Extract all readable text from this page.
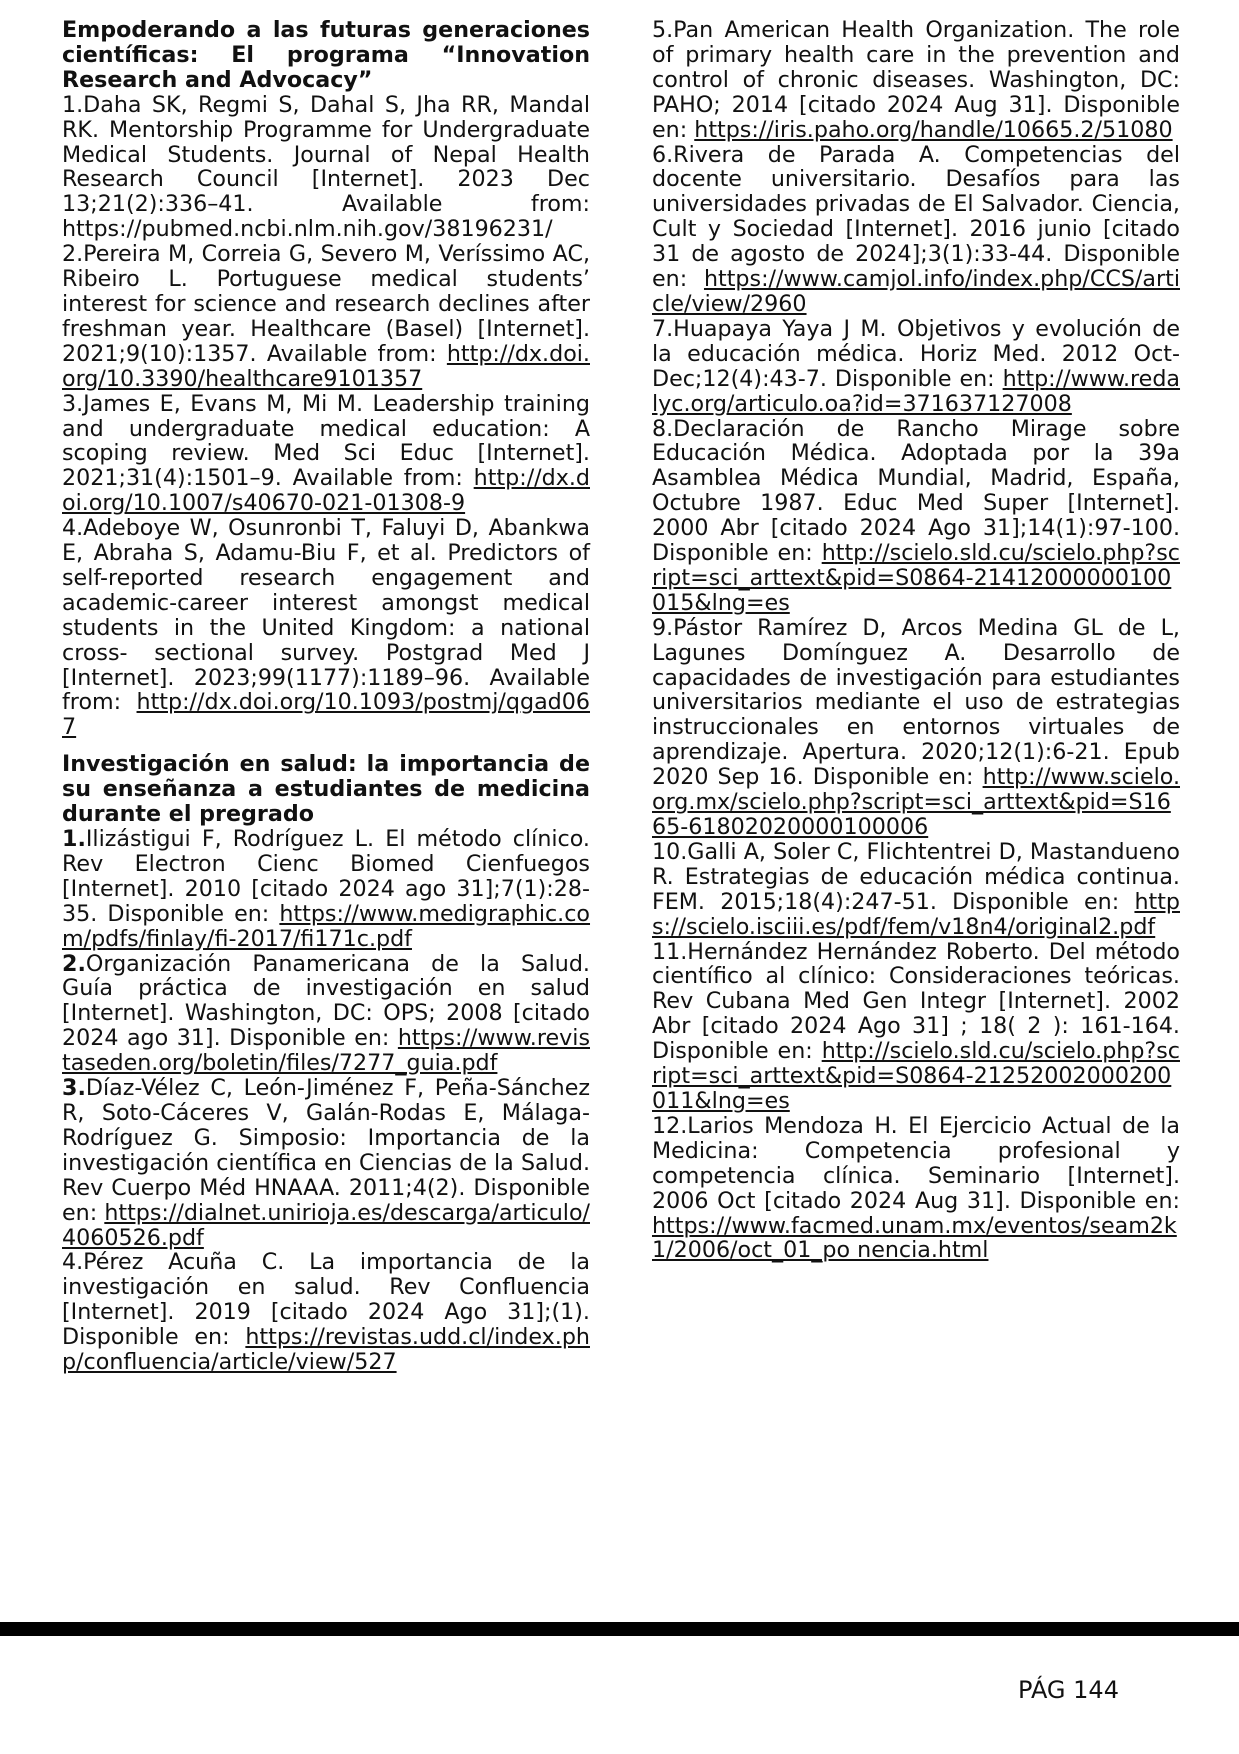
Empoderando a las futuras generaciones científicas: El programa “Innovation Research and Advocacy”
1.Daha SK, Regmi S, Dahal S, Jha RR, Mandal RK. Mentorship Programme for Undergraduate Medical Students. Journal of Nepal Health Research Council [Internet]. 2023 Dec 13;21(2):336–41. Available from: https://pubmed.ncbi.nlm.nih.gov/38196231/
2.Pereira M, Correia G, Severo M, Veríssimo AC, Ribeiro L. Portuguese medical students’ interest for science and research declines after freshman year. Healthcare (Basel) [Internet]. 2021;9(10):1357. Available from: http://dx.doi.org/10.3390/healthcare9101357
3.James E, Evans M, Mi M. Leadership training and undergraduate medical education: A scoping review. Med Sci Educ [Internet]. 2021;31(4):1501–9. Available from: http://dx.doi.org/10.1007/s40670-021-01308-9
4.Adeboye W, Osunronbi T, Faluyi D, Abankwa E, Abraha S, Adamu-Biu F, et al. Predictors of self-reported research engagement and academic-career interest amongst medical students in the United Kingdom: a national cross- sectional survey. Postgrad Med J [Internet]. 2023;99(1177):1189–96. Available from: http://dx.doi.org/10.1093/postmj/qgad067
Investigación en salud: la importancia de su enseñanza a estudiantes de medicina durante el pregrado
1.Ilizástigui F, Rodríguez L. El método clínico. Rev Electron Cienc Biomed Cienfuegos [Internet]. 2010 [citado 2024 ago 31];7(1):28-35. Disponible en: https://www.medigraphic.com/pdfs/finlay/fi-2017/fi171c.pdf
2.Organización Panamericana de la Salud. Guía práctica de investigación en salud [Internet]. Washington, DC: OPS; 2008 [citado 2024 ago 31]. Disponible en: https://www.revistaseden.org/boletin/files/7277_guia.pdf
3.Díaz-Vélez C, León-Jiménez F, Peña-Sánchez R, Soto-Cáceres V, Galán-Rodas E, Málaga-Rodríguez G. Simposio: Importancia de la investigación científica en Ciencias de la Salud. Rev Cuerpo Méd HNAAA. 2011;4(2). Disponible en: https://dialnet.unirioja.es/descarga/articulo/4060526.pdf
4.Pérez Acuña C. La importancia de la investigación en salud. Rev Confluencia [Internet]. 2019 [citado 2024 Ago 31];(1). Disponible en: https://revistas.udd.cl/index.php/confluencia/article/view/527
5.Pan American Health Organization. The role of primary health care in the prevention and control of chronic diseases. Washington, DC: PAHO; 2014 [citado 2024 Aug 31]. Disponible en: https://iris.paho.org/handle/10665.2/51080
6.Rivera de Parada A. Competencias del docente universitario. Desafíos para las universidades privadas de El Salvador. Ciencia, Cult y Sociedad [Internet]. 2016 junio [citado 31 de agosto de 2024];3(1):33-44. Disponible en: https://www.camjol.info/index.php/CCS/article/view/2960
7.Huapaya Yaya J M. Objetivos y evolución de la educación médica. Horiz Med. 2012 Oct-Dec;12(4):43-7. Disponible en: http://www.redalyc.org/articulo.oa?id=371637127008
8.Declaración de Rancho Mirage sobre Educación Médica. Adoptada por la 39a Asamblea Médica Mundial, Madrid, España, Octubre 1987. Educ Med Super [Internet]. 2000 Abr [citado 2024 Ago 31];14(1):97-100. Disponible en: http://scielo.sld.cu/scielo.php?script=sci_arttext&pid=S0864-21412000000100015&lng=es
9.Pástor Ramírez D, Arcos Medina GL de L, Lagunes Domínguez A. Desarrollo de capacidades de investigación para estudiantes universitarios mediante el uso de estrategias instruccionales en entornos virtuales de aprendizaje. Apertura. 2020;12(1):6-21. Epub 2020 Sep 16. Disponible en: http://www.scielo.org.mx/scielo.php?script=sci_arttext&pid=S1665-61802020000100006
10.Galli A, Soler C, Flichtentrei D, Mastandueno R. Estrategias de educación médica continua. FEM. 2015;18(4):247-51. Disponible en: https://scielo.isciii.es/pdf/fem/v18n4/original2.pdf
11.Hernández Hernández Roberto. Del método científico al clínico: Consideraciones teóricas. Rev Cubana Med Gen Integr [Internet]. 2002 Abr [citado 2024 Ago 31] ; 18( 2 ): 161-164. Disponible en: http://scielo.sld.cu/scielo.php?script=sci_arttext&pid=S0864-21252002000200011&lng=es
12.Larios Mendoza H. El Ejercicio Actual de la Medicina: Competencia profesional y competencia clínica. Seminario [Internet]. 2006 Oct [citado 2024 Aug 31]. Disponible en: https://www.facmed.unam.mx/eventos/seam2k1/2006/oct_01_po nencia.html
PÁG 144
